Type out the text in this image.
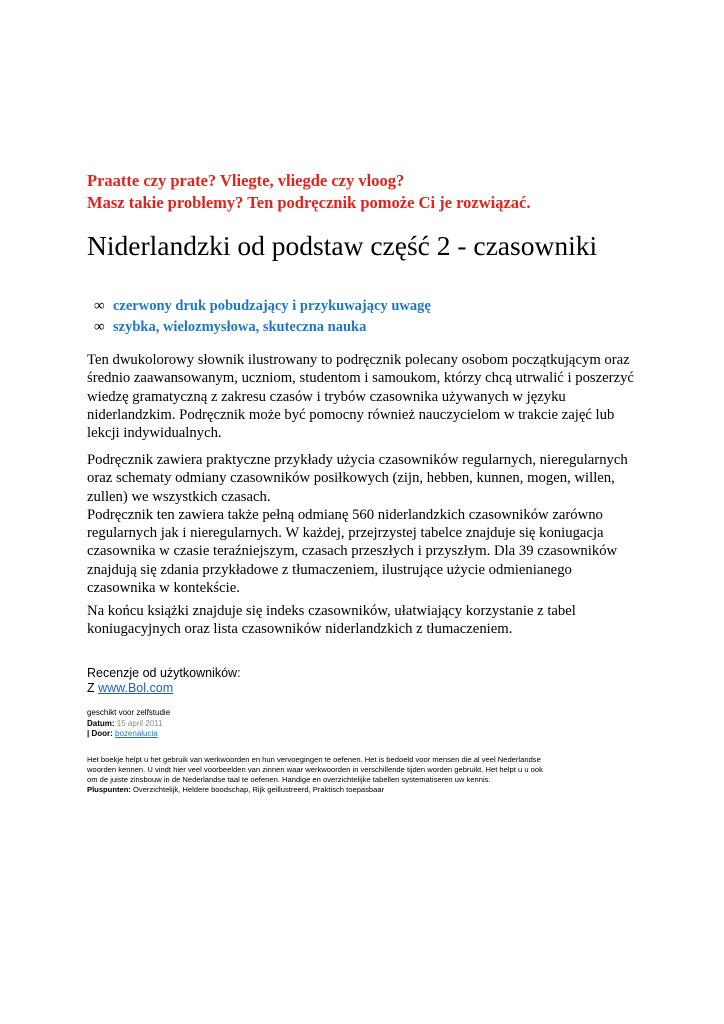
Praatte czy prate? Vliegte, vliegde czy vloog?
Masz takie problemy? Ten podręcznik pomoże Ci je rozwiązać.
Niderlandzki od podstaw część 2 - czasowniki
∞ czerwony druk pobudzający i przykuwający uwagę
∞ szybka, wielozmysłowa, skuteczna nauka
Ten dwukolorowy słownik ilustrowany to podręcznik polecany osobom początkującym oraz
średnio zaawansowanym, uczniom, studentom i samoukom, którzy chcą utrwalić i poszerzyć
wiedzę gramatyczną z zakresu czasów i trybów czasownika używanych w języku
niderlandzkim. Podręcznik może być pomocny również nauczycielom w trakcie zajęć lub
lekcji indywidualnych.
Podręcznik zawiera praktyczne przykłady użycia czasowników regularnych, nieregularnych
oraz schematy odmiany czasowników posiłkowych (zijn, hebben, kunnen, mogen, willen,
zullen) we wszystkich czasach.
Podręcznik ten zawiera także pełną odmianę 560 niderlandzkich czasowników zarówno
regularnych jak i nieregularnych. W każdej, przejrzystej tabelce znajduje się koniugacja
czasownika w czasie teraźniejszym, czasach przeszłych i przyszłym. Dla 39 czasowników
znajdują się zdania przykładowe z tłumaczeniem, ilustrujące użycie odmienianego
czasownika w kontekście.
Na końcu książki znajduje się indeks czasowników, ułatwiający korzystanie z tabel
koniugacyjnych oraz lista czasowników niderlandzkich z tłumaczeniem.
Recenzje od użytkowników:
Z www.Bol.com
geschikt voor zelfstudie
Datum: 15 april 2011
| Door: bozenalucia
Het boekje helpt u het gebruik van werkwoorden en hun vervoegingen te oefenen. Het is bedoeld voor mensen die al veel Nederlandse
woorden kennen. U vindt hier veel voorbeelden van zinnen waar werkwoorden in verschillende tijden worden gebruikt. Het helpt u u ook
om de juiste zinsbouw in de Nederlandse taal te oefenen. Handige en overzichtelijke tabellen systematiseren uw kennis.
Pluspunten: Overzichtelijk, Heldere boodschap, Rijk geillustreerd, Praktisch toepasbaar
